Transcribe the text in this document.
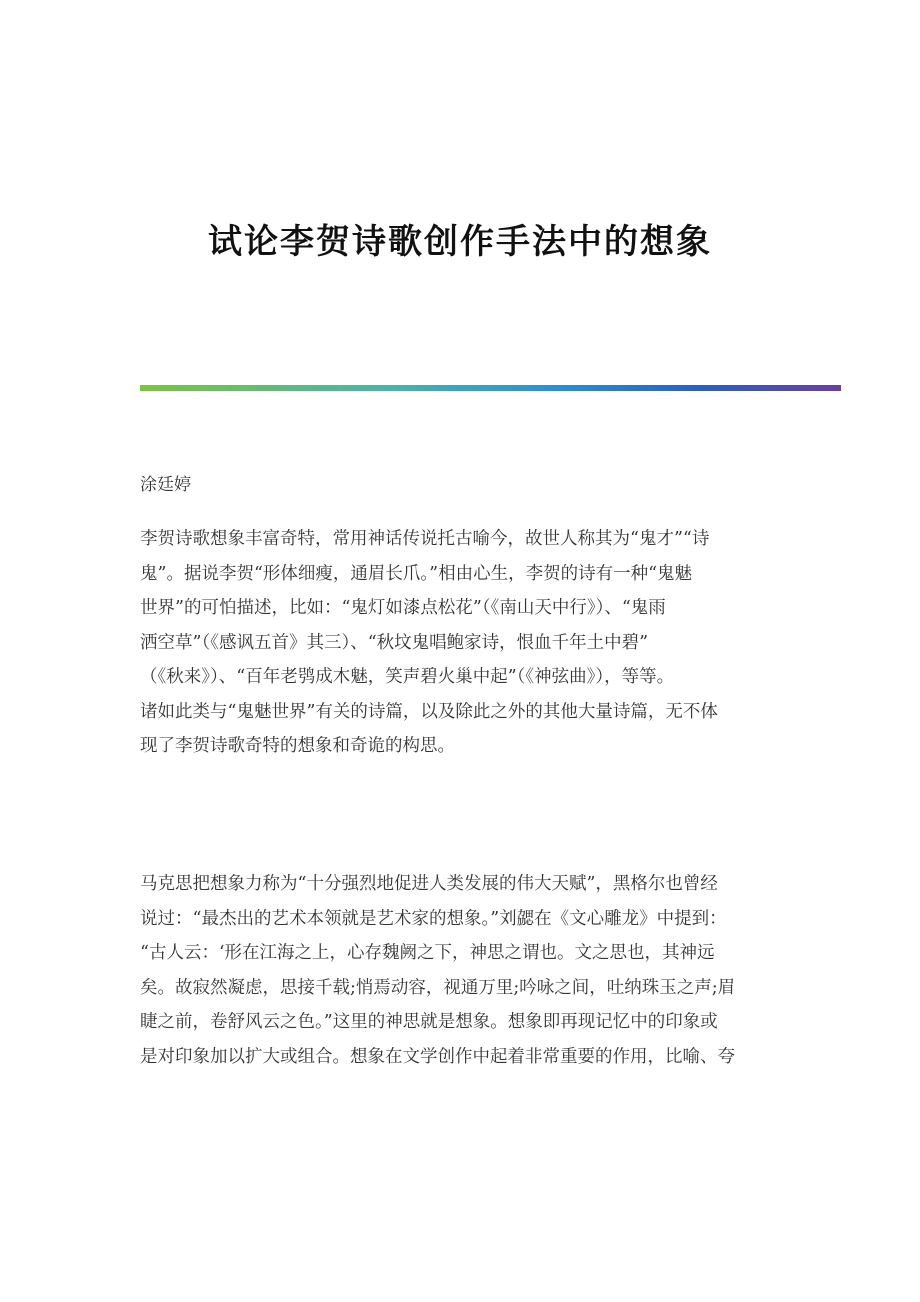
试论李贺诗歌创作手法中的想象
涂廷婷
李贺诗歌想象丰富奇特，常用神话传说托古喻今，故世人称其为“鬼才”“诗
鬼”。据说李贺“形体细瘦，通眉长爪。”相由心生，李贺的诗有一种“鬼魅
世界”的可怕描述，比如：“鬼灯如漆点松花”（《南山天中行》）、“鬼雨
洒空草”（《感讽五首》其三）、“秋坟鬼唱鲍家诗，恨血千年土中碧”
（《秋来》）、“百年老鸮成木魅，笑声碧火巢中起”（《神弦曲》），等等。
诸如此类与“鬼魅世界”有关的诗篇，以及除此之外的其他大量诗篇，无不体
现了李贺诗歌奇特的想象和奇诡的构思。
马克思把想象力称为“十分强烈地促进人类发展的伟大天赋”，黑格尔也曾经
说过：“最杰出的艺术本领就是艺术家的想象。”刘勰在《文心雕龙》中提到：
“古人云：‘形在江海之上，心存魏阙之下，神思之谓也。文之思也，其神远
矣。故寂然凝虑，思接千载;悄焉动容，视通万里;吟咏之间，吐纳珠玉之声;眉
睫之前，卷舒风云之色。”这里的神思就是想象。想象即再现记忆中的印象或
是对印象加以扩大或组合。想象在文学创作中起着非常重要的作用，比喻、夸
